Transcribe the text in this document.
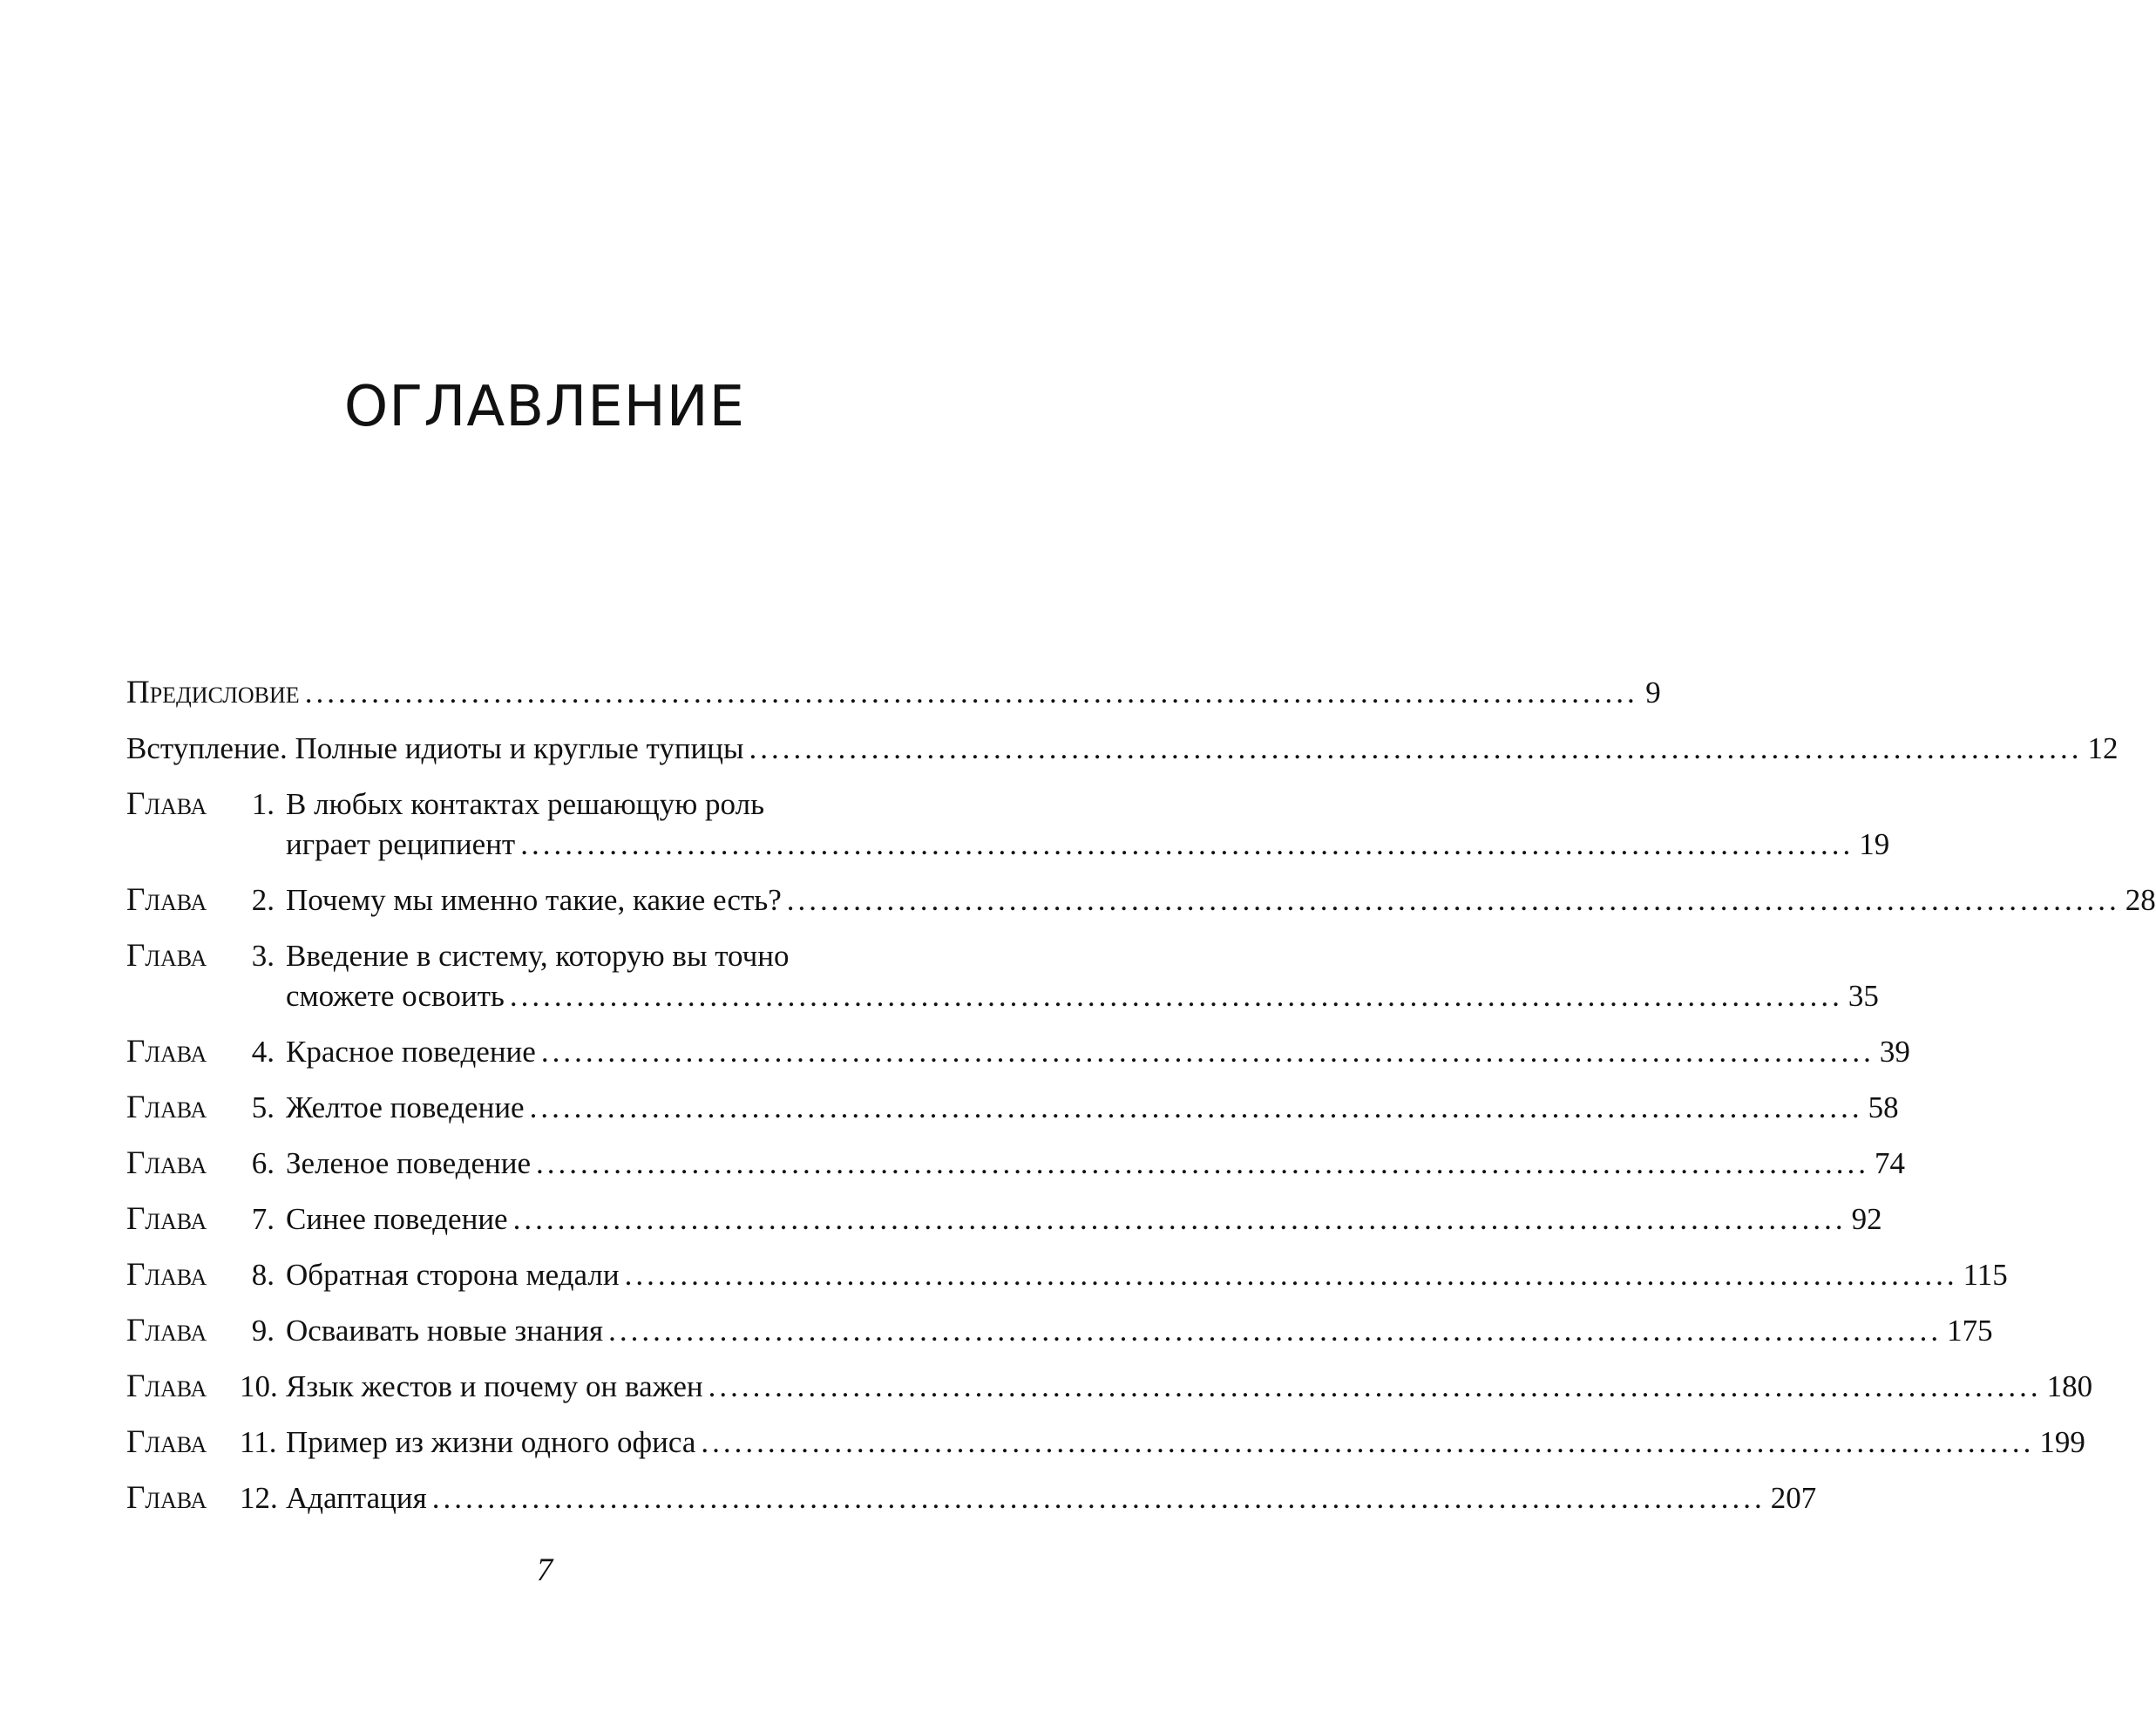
ОГЛАВЛЕНИЕ
Предисловие ........................................................................................................................ 9
Вступление. Полные идиоты и круглые тупицы ........................................................................................................................ 12
Глава	1. В любых контактах решающую роль
играет реципиент ........................................................................................................................ 19
Глава	2. Почему мы именно такие, какие есть? ........................................................................................................................ 28
Глава	3. Введение в систему, которую вы точно
сможете освоить ........................................................................................................................ 35
Глава	4. Красное поведение ........................................................................................................................ 39
Глава	5. Желтое поведение ........................................................................................................................ 58
Глава	6. Зеленое поведение ........................................................................................................................ 74
Глава	7. Синее поведение ........................................................................................................................ 92
Глава	8. Обратная сторона медали ........................................................................................................................ 115
Глава	9. Осваивать новые знания ........................................................................................................................ 175
Глава	10. Язык жестов и почему он важен ........................................................................................................................ 180
Глава	11. Пример из жизни одного офиса ........................................................................................................................ 199
Глава	12. Адаптация ........................................................................................................................ 207
7
